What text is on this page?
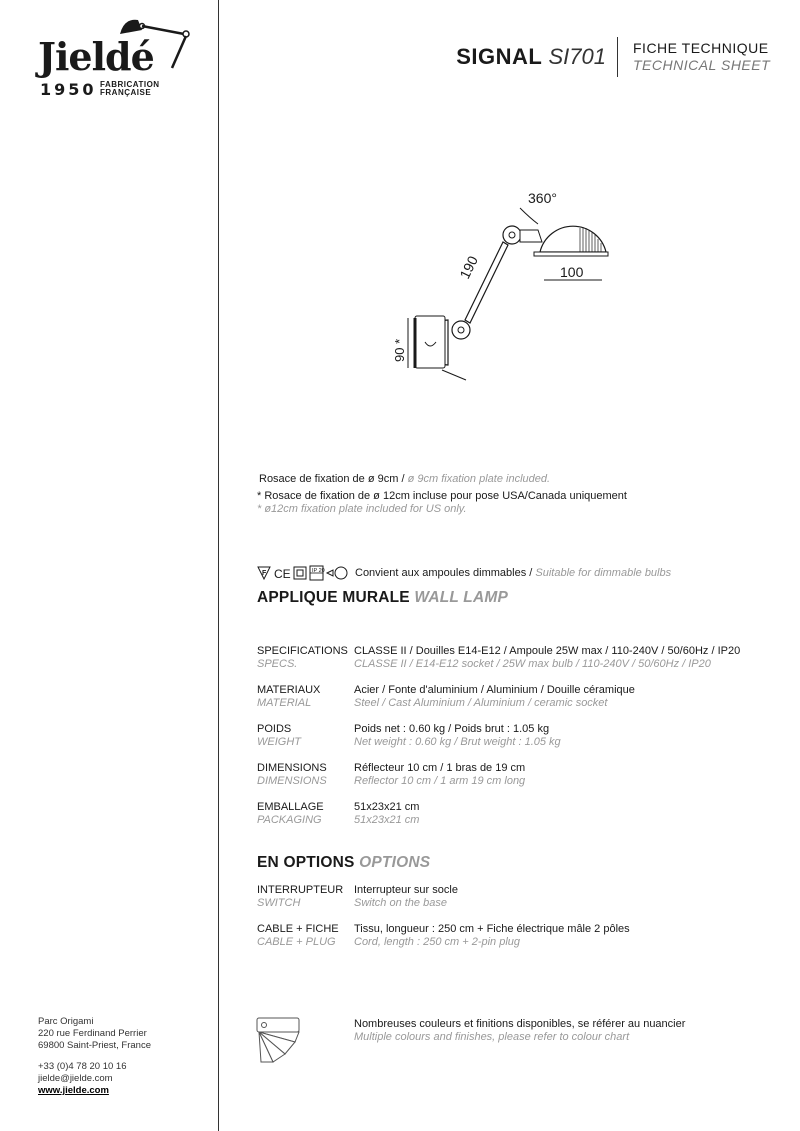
Jieldé
1950 FABRICATION
FRANÇAISE
SIGNAL SI701 FICHE TECHNIQUE
TECHNICAL SHEET
360°
100
190
90 *
Rosace de fixation de ø 9cm / ø 9cm fixation plate included.
* Rosace de fixation de ø 12cm incluse pour pose USA/Canada uniquement
* ø12cm fixation plate included for US only.
F CE	IP 20	Convient aux ampoules dimmables / Suitable for dimmable bulbs
APPLIQUE MURALE WALL LAMP
SPECIFICATIONS
SPECS.
CLASSE II / Douilles E14-E12 / Ampoule 25W max / 110-240V / 50/60Hz / IP20
CLASSE II / E14-E12 socket / 25W max bulb / 110-240V / 50/60Hz / IP20
MATERIAUX
MATERIAL
Acier / Fonte d'aluminium / Aluminium / Douille céramique
Steel / Cast Aluminium / Aluminium / ceramic socket
POIDS
WEIGHT
Poids net : 0.60 kg / Poids brut : 1.05 kg
Net weight : 0.60 kg / Brut weight : 1.05 kg
DIMENSIONS
DIMENSIONS
Réflecteur 10 cm / 1 bras de 19 cm
Reflector 10 cm / 1 arm 19 cm long
EMBALLAGE
PACKAGING
51x23x21 cm
51x23x21 cm
EN OPTIONS OPTIONS
INTERRUPTEUR
SWITCH
Interrupteur sur socle
Switch on the base
CABLE + FICHE
CABLE + PLUG
Tissu, longueur : 250 cm + Fiche électrique mâle 2 pôles
Cord, length : 250 cm + 2-pin plug
Nombreuses couleurs et finitions disponibles, se référer au nuancier
Multiple colours and finishes, please refer to colour chart
Parc Origami
220 rue Ferdinand Perrier
69800 Saint-Priest, France
+33 (0)4 78 20 10 16
jielde@jielde.com
www.jielde.com
